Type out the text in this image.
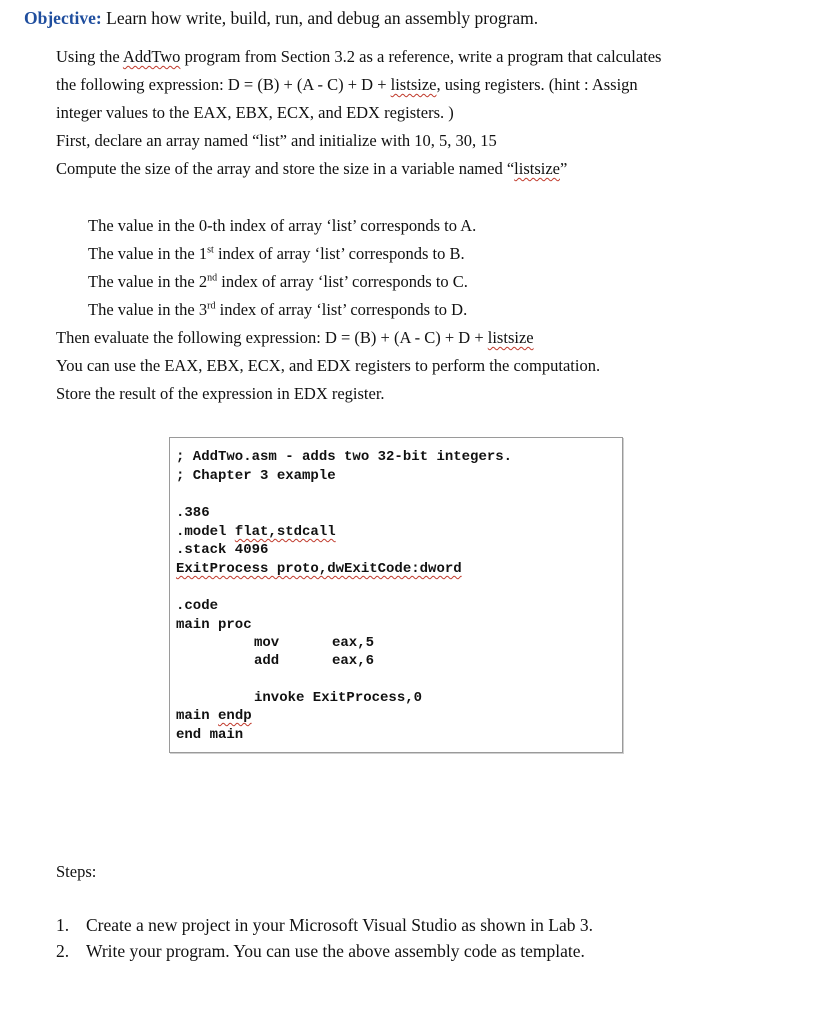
Objective: Learn how write, build, run, and debug an assembly program.
Using the AddTwo program from Section 3.2 as a reference, write a program that calculates
the following expression: D = (B) + (A - C) + D + listsize, using registers. (hint : Assign
integer values to the EAX, EBX, ECX, and EDX registers. )
First, declare an array named “list” and initialize with 10, 5, 30, 15
Compute the size of the array and store the size in a variable named “listsize”
The value in the 0-th index of array ‘list’ corresponds to A.
The value in the 1st index of array ‘list’ corresponds to B.
The value in the 2nd index of array ‘list’ corresponds to C.
The value in the 3rd index of array ‘list’ corresponds to D.
Then evaluate the following expression: D = (B) + (A - C) + D + listsize
You can use the EAX, EBX, ECX, and EDX registers to perform the computation.
Store the result of the expression in EDX register.
; AddTwo.asm - adds two 32-bit integers.
; Chapter 3 example
.386
.model flat,stdcall
.stack 4096
ExitProcess proto,dwExitCode:dword
.code
main proc
mov	eax,5
add	eax,6
invoke ExitProcess,0
main endp
end main
Steps:
1. Create a new project in your Microsoft Visual Studio as shown in Lab 3.
2. Write your program. You can use the above assembly code as template.
